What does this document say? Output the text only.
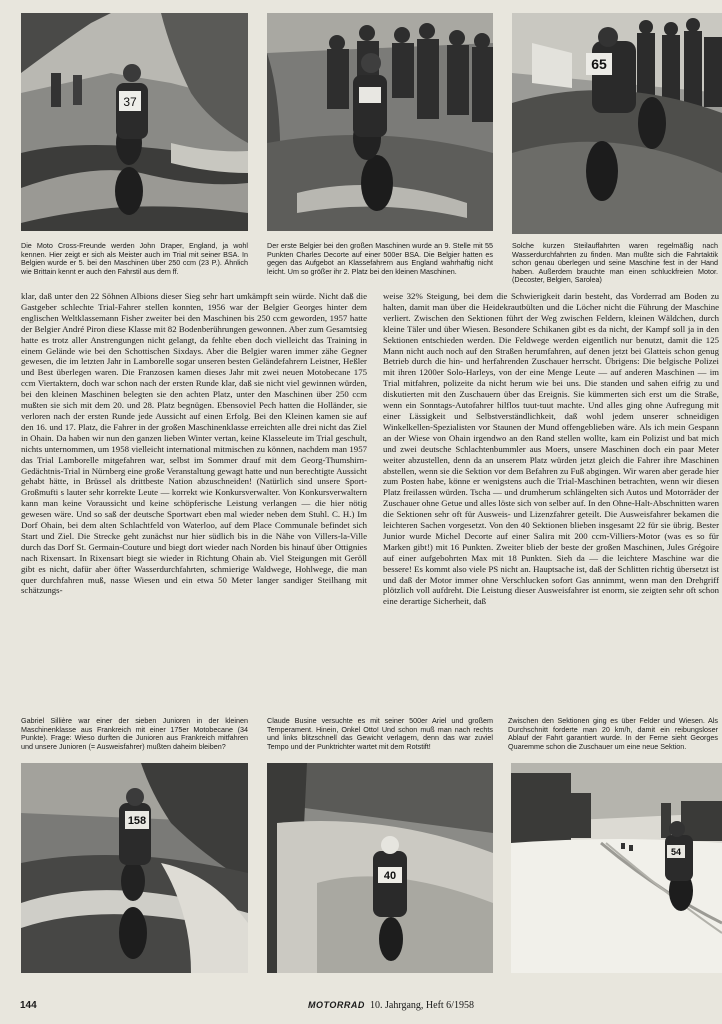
37
65
Die Moto Cross-Freunde werden John Draper, England, ja wohl kennen. Hier zeigt er sich als Meister auch im Trial mit seiner BSA. In Belgien wurde er 5. bei den Maschinen über 250 ccm (23 P.). Ähnlich wie Brittain kennt er auch den Fahrstil aus dem ff.
Der erste Belgier bei den großen Maschinen wurde an 9. Stelle mit 55 Punkten Charles Decorte auf einer 500er BSA. Die Belgier hatten es gegen das Aufgebot an Klassefahrern aus England wahrhaftig nicht leicht. Um so größer ihr 2. Platz bei den kleinen Maschinen.
Solche kurzen Steilauffahrten waren regelmäßig nach Wasserdurchfahrten zu finden. Man mußte sich die Fahrtaktik schon genau überlegen und seine Maschine fest in der Hand haben. Außerdem brauchte man einen schluckfreien Motor. (Decoster, Belgien, Sarolea)
klar, daß unter den 22 Söhnen Albions dieser Sieg sehr hart umkämpft sein würde. Nicht daß die Gastgeber schlechte Trial-Fahrer stellen konnten, 1956 war der Belgier Georges hinter dem englischen Weltklassemann Fisher zweiter bei den Maschinen bis 250 ccm geworden, 1957 hatte der Belgier André Piron diese Klasse mit 82 Bodenberührungen gewonnen. Aber zum Gesamtsieg hatte es trotz aller Anstrengungen nicht gelangt, da fehlte eben doch vielleicht das Training in einem Gelände wie bei den Schottischen Sixdays. Aber die Belgier waren immer zähe Gegner gewesen, die im letzten Jahr in Lamborelle sogar unseren besten Geländefahrern Leistner, Heßler und Best überlegen waren. Die Franzosen kamen dieses Jahr mit zwei neuen Motobecane 175 ccm Viertaktern, doch war schon nach der ersten Runde klar, daß sie nicht viel gewinnen würden, bei den kleinen Maschinen belegten sie den achten Platz, unter den Maschinen über 250 ccm mußten sie sich mit dem 20. und 28. Platz begnügen. Ebensoviel Pech hatten die Holländer, sie verloren nach der ersten Runde jede Aussicht auf einen Erfolg. Bei den Kleinen kamen sie auf den 16. und 17. Platz, die Fahrer in der großen Maschinenklasse erreichten alle drei nicht das Ziel in Ohain. Da haben wir nun den ganzen lieben Winter vertan, keine Klasseleute im Trial geschult, nichts unternommen, um 1958 vielleicht international mitmischen zu können, nachdem man 1957 das Trial Lamborelle mitgefahren war, selbst im Sommer drauf mit dem Georg-Thumshirn-Gedächtnis-Trial in Nürnberg eine große Veranstaltung gewagt hatte und nun berechtigte Aussicht gehabt hätte, in Brüssel als drittbeste Nation abzuschneiden! (Natürlich sind unsere Sport-Großmufti s lauter sehr korrekte Leute — korrekt wie Konkursverwalter. Von Konkursverwaltern kann man keine Voraussicht und keine schöpferische Leistung verlangen — die hier nötig gewesen wäre. Und so saß der deutsche Sportwart eben mal wieder neben dem Stuhl. C. H.) Im Dorf Ohain, bei dem alten Schlachtfeld von Waterloo, auf dem Place Communale befindet sich Start und Ziel. Die Strecke geht zunächst nur hier südlich bis in die Nähe von Villers-la-Ville durch das Dorf St. Germain-Couture und biegt dort wieder nach Norden bis hinauf über Ottignies nach Rixensart. In Rixensart biegt sie wieder in Richtung Ohain ab. Viel Steigungen mit Geröll gibt es nicht, dafür aber öfter Wasserdurchfahrten, schmierige Waldwege, Hohlwege, die man quer durchfahren muß, nasse Wiesen und ein etwa 50 Meter langer sandiger Steilhang mit schätzungs-
weise 32% Steigung, bei dem die Schwierigkeit darin besteht, das Vorderrad am Boden zu halten, damit man über die Heidekrautbülten und die Löcher nicht die Führung der Maschine verliert. Zwischen den Sektionen führt der Weg zwischen Feldern, kleinen Wäldchen, durch kleine Täler und über Wiesen. Besondere Schikanen gibt es da nicht, der Kampf soll ja in den Sektionen entschieden werden. Die Feldwege werden eigentlich nur benutzt, damit die 125 Mann nicht auch noch auf den Straßen herumfahren, auf denen jetzt bei Glatteis schon genug Betrieb durch die hin- und herfahrenden Zuschauer herrscht. Übrigens: Die belgische Polizei mit ihren 1200er Solo-Harleys, von der eine Menge Leute — auf anderen Maschinen — im Trial mitfahren, polizeite da nicht herum wie bei uns. Die standen und sahen eifrig zu und diskutierten mit den Zuschauern über das Ereignis. Sie kümmerten sich erst um die Straße, wenn ein Sonntags-Autofahrer hilflos tuut-tuut machte. Und alles ging ohne Aufregung mit einer Lässigkeit und Selbstverständlichkeit, daß wohl jedem unserer schneidigen Winkelkellen-Spezialisten vor Staunen der Mund offengeblieben wäre. Als ich mein Gespann an der Wiese von Ohain irgendwo an den Rand stellen wollte, kam ein Polizist und bat mich und zwei deutsche Schlachtenbummler aus Moers, unsere Maschinen doch ein paar Meter weiter abzustellen, denn da an unserem Platz würden jetzt gleich die Fahrer ihre Maschinen abstellen, wenn sie die Sektion vor dem Befahren zu Fuß abgingen. Wir waren aber gerade hier zum Posten habe, könne er wenigstens auch die Trial-Maschinen betrachten, wenn wir diesen Platz freilassen würden. Tscha — und drumherum schlängelten sich Autos und Motorräder der Zuschauer ohne Getue und alles löste sich von selber auf. In den Ohne-Halt-Abschnitten waren die Sektionen sehr oft für Ausweis- und Lizenzfahrer geteilt. Die Ausweisfahrer bekamen die leichteren Sachen vorgesetzt. Von den 40 Sektionen blieben insgesamt 22 für sie übrig. Bester Junior wurde Michel Decorte auf einer Salira mit 200 ccm-Villiers-Motor (was es so für Marken gibt!) mit 16 Punkten. Zweiter blieb der beste der großen Maschinen, Jules Grégoire auf einer aufgebohrten Max mit 18 Punkten. Sieh da — die leichtere Maschine war die bessere! Es kommt also viele PS nicht an. Hauptsache ist, daß der Schlitten richtig übersetzt ist und daß der Motor immer ohne Verschlucken sofort Gas annimmt, wenn man den Drehgriff plötzlich voll aufdreht. Die Leistung dieser Ausweisfahrer ist enorm, sie zeigten sehr oft schon eine derartige Sicherheit, daß
Gabriel Sillière war einer der sieben Junioren in der kleinen Maschinenklasse aus Frankreich mit einer 175er Motobecane (34 Punkte). Frage: Wieso durften die Junioren aus Frankreich mitfahren und unsere Junioren (= Ausweisfahrer) mußten daheim bleiben?
Claude Busine versuchte es mit seiner 500er Ariel und großem Temperament. Hinein, Onkel Otto! Und schon muß man nach rechts und links blitzschnell das Gewicht verlagern, denn das war zuviel Tempo und der Punktrichter wartet mit dem Rotstift!
Zwischen den Sektionen ging es über Felder und Wiesen. Als Durchschnitt forderte man 20 km/h, damit ein reibungsloser Ablauf der Fahrt garantiert wurde. In der Ferne sieht Georges Quaremme schon die Zuschauer um eine neue Sektion.
158
40
54
144	MOTORRAD 10. Jahrgang, Heft 6/1958
